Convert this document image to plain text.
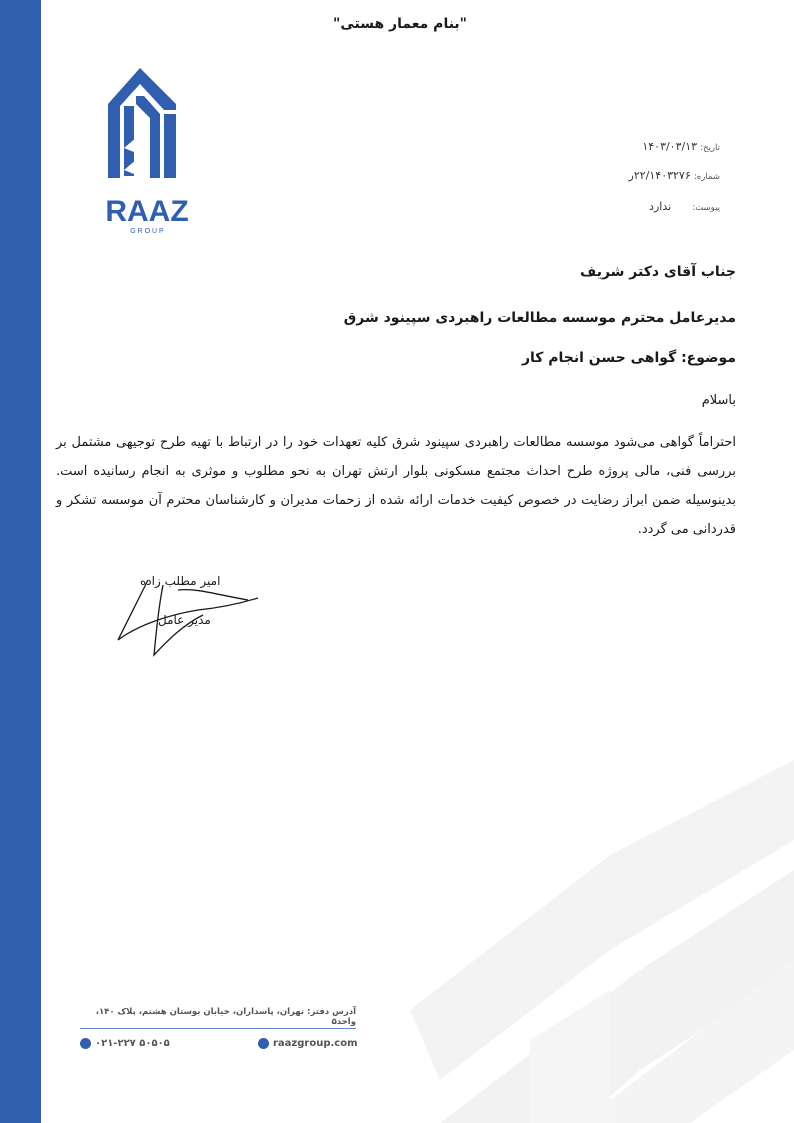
"بنام معمار هستی"
RAAZ
G R O U P
تاریخ: ۱۴۰۳/۰۳/۱۳
شماره: ۲۲/۱۴۰۳۲۷۶ر
پیوست: ندارد
جناب آقای دکتر شریف
مدیرعامل محترم موسسه مطالعات راهبردی سپینود شرق
موضوع: گواهی حسن انجام کار
باسلام
احتراماً گواهی می‌شود موسسه مطالعات راهبردی سپینود شرق کلیه تعهدات خود را در ارتباط با تهیه طرح توجیهی مشتمل بر بررسی فنی، مالی پروژه طرح احداث مجتمع مسکونی بلوار ارتش تهران به نحو مطلوب و موثری به انجام رسانیده است. بدینوسیله ضمن ابراز رضایت در خصوص کیفیت خدمات ارائه شده از زحمات مدیران و کارشناسان محترم آن موسسه تشکر و قدردانی می گردد.
امیر مطلب زاده
مدیر عامل
آدرس دفتر: تهران، پاسداران، خیابان بوستان هشتم، پلاک ۱۴۰، واحد۵
۰۲۱-۲۲۷ ۵۰۵۰۵	raazgroup.com
